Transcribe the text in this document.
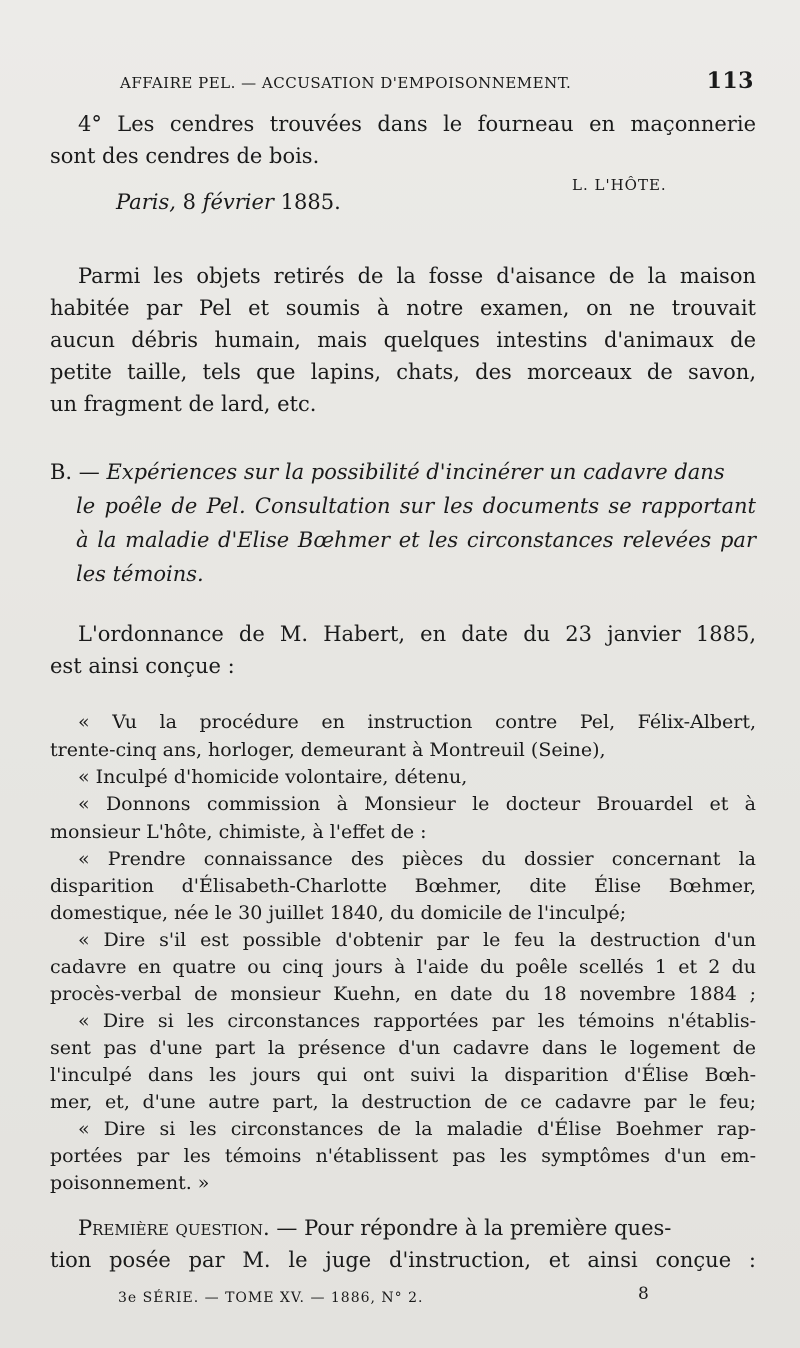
AFFAIRE PEL. — ACCUSATION D'EMPOISONNEMENT.	113
4° Les cendres trouvées dans le fourneau en maçonnerie
sont des cendres de bois.
L. L'HÔTE.
Paris, 8 février 1885.
Parmi les objets retirés de la fosse d'aisance de la maison
habitée par Pel et soumis à notre examen, on ne trouvait
aucun débris humain, mais quelques intestins d'animaux de
petite taille, tels que lapins, chats, des morceaux de savon,
un fragment de lard, etc.
B. — Expériences sur la possibilité d'incinérer un cadavre dans
le poêle de Pel. Consultation sur les documents se rapportant
à la maladie d'Elise Bœhmer et les circonstances relevées par
les témoins.
L'ordonnance de M. Habert, en date du 23 janvier 1885,
est ainsi conçue :
« Vu la procédure en instruction contre Pel, Félix-Albert,
trente-cinq ans, horloger, demeurant à Montreuil (Seine),
« Inculpé d'homicide volontaire, détenu,
« Donnons commission à Monsieur le docteur Brouardel et à
monsieur L'hôte, chimiste, à l'effet de :
« Prendre connaissance des pièces du dossier concernant la
disparition d'Élisabeth-Charlotte Bœhmer, dite Élise Bœhmer,
domestique, née le 30 juillet 1840, du domicile de l'inculpé;
« Dire s'il est possible d'obtenir par le feu la destruction d'un
cadavre en quatre ou cinq jours à l'aide du poêle scellés 1 et 2 du
procès-verbal de monsieur Kuehn, en date du 18 novembre 1884 ;
« Dire si les circonstances rapportées par les témoins n'établis-
sent pas d'une part la présence d'un cadavre dans le logement de
l'inculpé dans les jours qui ont suivi la disparition d'Élise Bœh-
mer, et, d'une autre part, la destruction de ce cadavre par le feu;
« Dire si les circonstances de la maladie d'Élise Boehmer rap-
portées par les témoins n'établissent pas les symptômes d'un em-
poisonnement. »
Première question. — Pour répondre à la première ques-
tion posée par M. le juge d'instruction, et ainsi conçue :
3e SÉRIE. — TOME XV. — 1886, N° 2.	8
